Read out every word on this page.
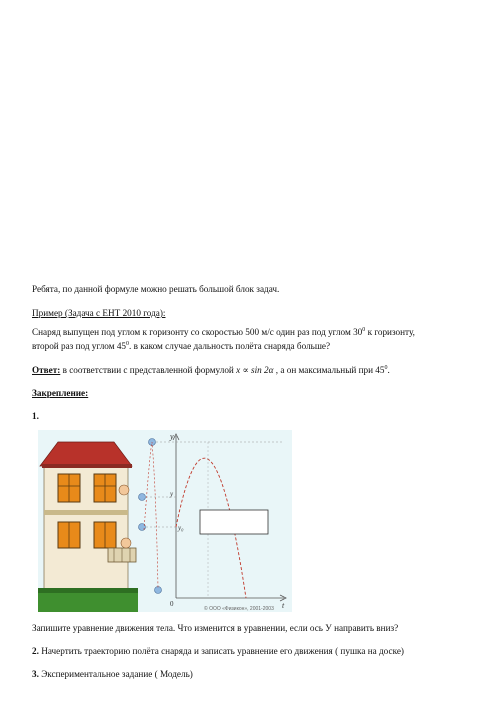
Ребята, по данной формуле можно решать большой блок задач.
Пример (Задача с ЕНТ 2010 года):
Снаряд выпущен под углом к горизонту со скоростью 500 м/с один раз под углом $30^0$ к горизонту,
второй раз под углом $45^0$. в каком случае дальность полёта снаряда больше?
Ответ: в соответствии с представленной формулой x ∝ sin 2α , а он максимальный при $45^0$.
Закрепление:
1.
y
t
y
y₀
0
© ООО «Физикон», 2001-2003
Запишите уравнение движения тела. Что изменится в уравнении, если ось У направить вниз?
2. Начертить траекторию полёта снаряда и записать уравнение его движения ( пушка на доске)
3. Экспериментальное задание ( Модель)
